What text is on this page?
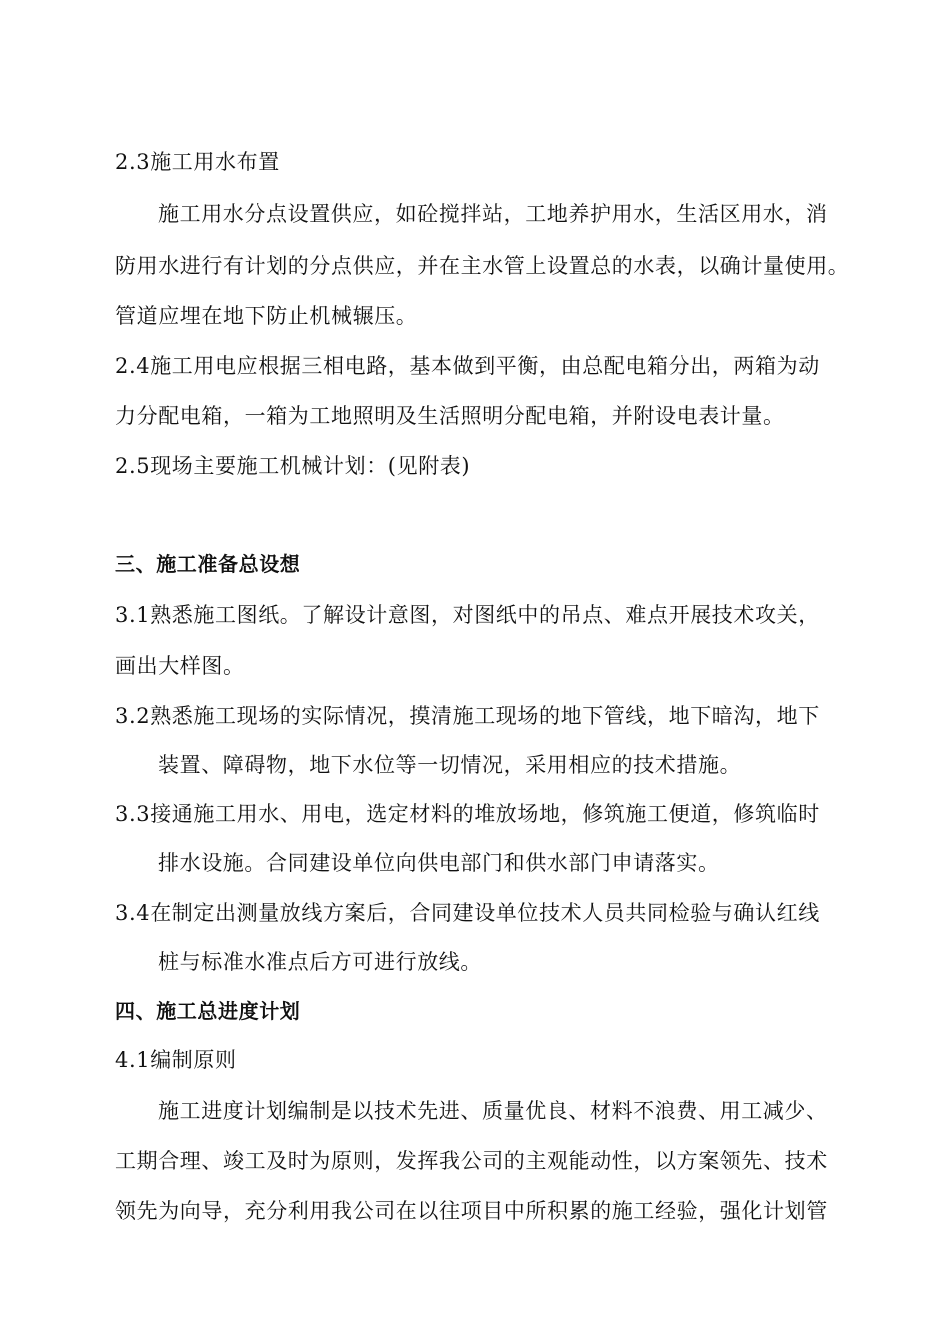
2.3施工用水布置
施工用水分点设置供应，如砼搅拌站，工地养护用水，生活区用水，消
防用水进行有计划的分点供应，并在主水管上设置总的水表，以确计量使用。
管道应埋在地下防止机械辗压。
2.4施工用电应根据三相电路，基本做到平衡，由总配电箱分出，两箱为动
力分配电箱，一箱为工地照明及生活照明分配电箱，并附设电表计量。
2.5现场主要施工机械计划：(见附表)
三、施工准备总设想
3.1熟悉施工图纸。了解设计意图，对图纸中的吊点、难点开展技术攻关，
画出大样图。
3.2熟悉施工现场的实际情况，摸清施工现场的地下管线，地下暗沟，地下
装置、障碍物，地下水位等一切情况，采用相应的技术措施。
3.3接通施工用水、用电，选定材料的堆放场地，修筑施工便道，修筑临时
排水设施。合同建设单位向供电部门和供水部门申请落实。
3.4在制定出测量放线方案后，合同建设单位技术人员共同检验与确认红线
桩与标准水准点后方可进行放线。
四、施工总进度计划
4.1编制原则
施工进度计划编制是以技术先进、质量优良、材料不浪费、用工减少、
工期合理、竣工及时为原则，发挥我公司的主观能动性，以方案领先、技术
领先为向导，充分利用我公司在以往项目中所积累的施工经验，强化计划管
